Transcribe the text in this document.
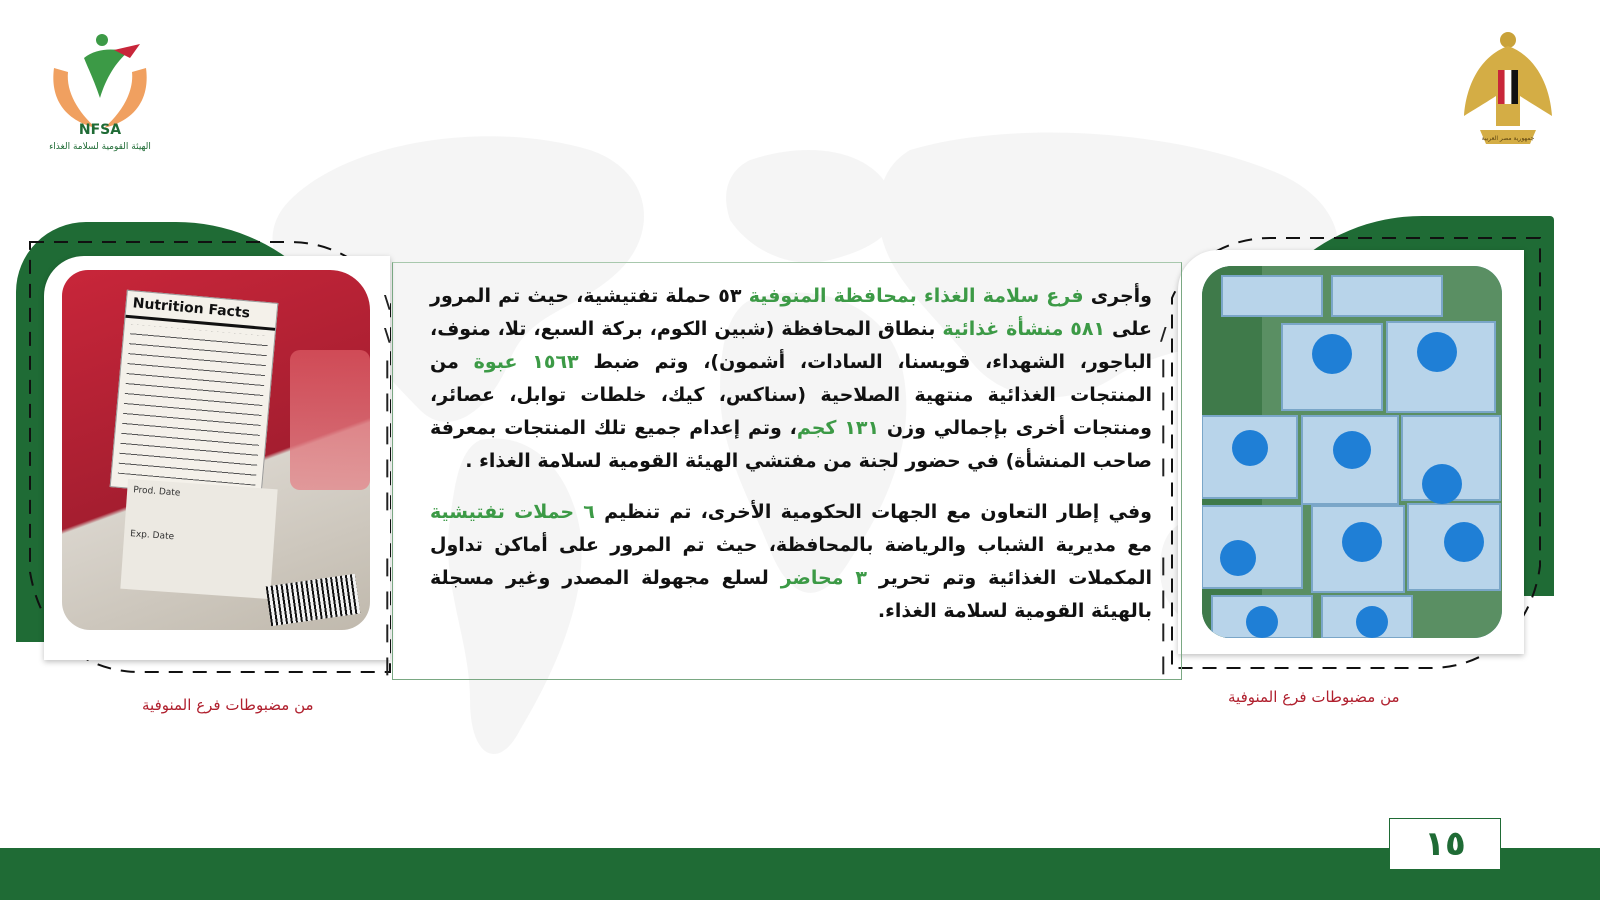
NFSA
الهيئة القومية لسلامة الغذاء
جمهورية مصر العربية
Nutrition Facts
Prod. Date
Exp. Date
من مضبوطات فرع المنوفية	من مضبوطات فرع المنوفية
\
\
|
|
|
|
|

|
|
|
|
/
|
|
|
|

|
|
|
|

وأجرى فرع سلامة الغذاء بمحافظة المنوفية ٥٣ حملة تفتيشية، حيث تم المرور على ٥٨١ منشأة غذائية بنطاق المحافظة (شبين الكوم، بركة السبع، تلا، منوف، الباجور، الشهداء، قويسنا، السادات، أشمون)، وتم ضبط ١٥٦٣ عبوة من المنتجات الغذائية منتهية الصلاحية (سناكس، كيك، خلطات توابل، عصائر، ومنتجات أخرى بإجمالي وزن ١٣١ كجم، وتم إعدام جميع تلك المنتجات بمعرفة صاحب المنشأة) في حضور لجنة من مفتشي الهيئة القومية لسلامة الغذاء .

وفي إطار التعاون مع الجهات الحكومية الأخرى، تم تنظيم ٦ حملات تفتيشية مع مديرية الشباب والرياضة بالمحافظة، حيث تم المرور على أماكن تداول المكملات الغذائية وتم تحرير ٣ محاضر لسلع مجهولة المصدر وغير مسجلة بالهيئة القومية لسلامة الغذاء.

١٥
